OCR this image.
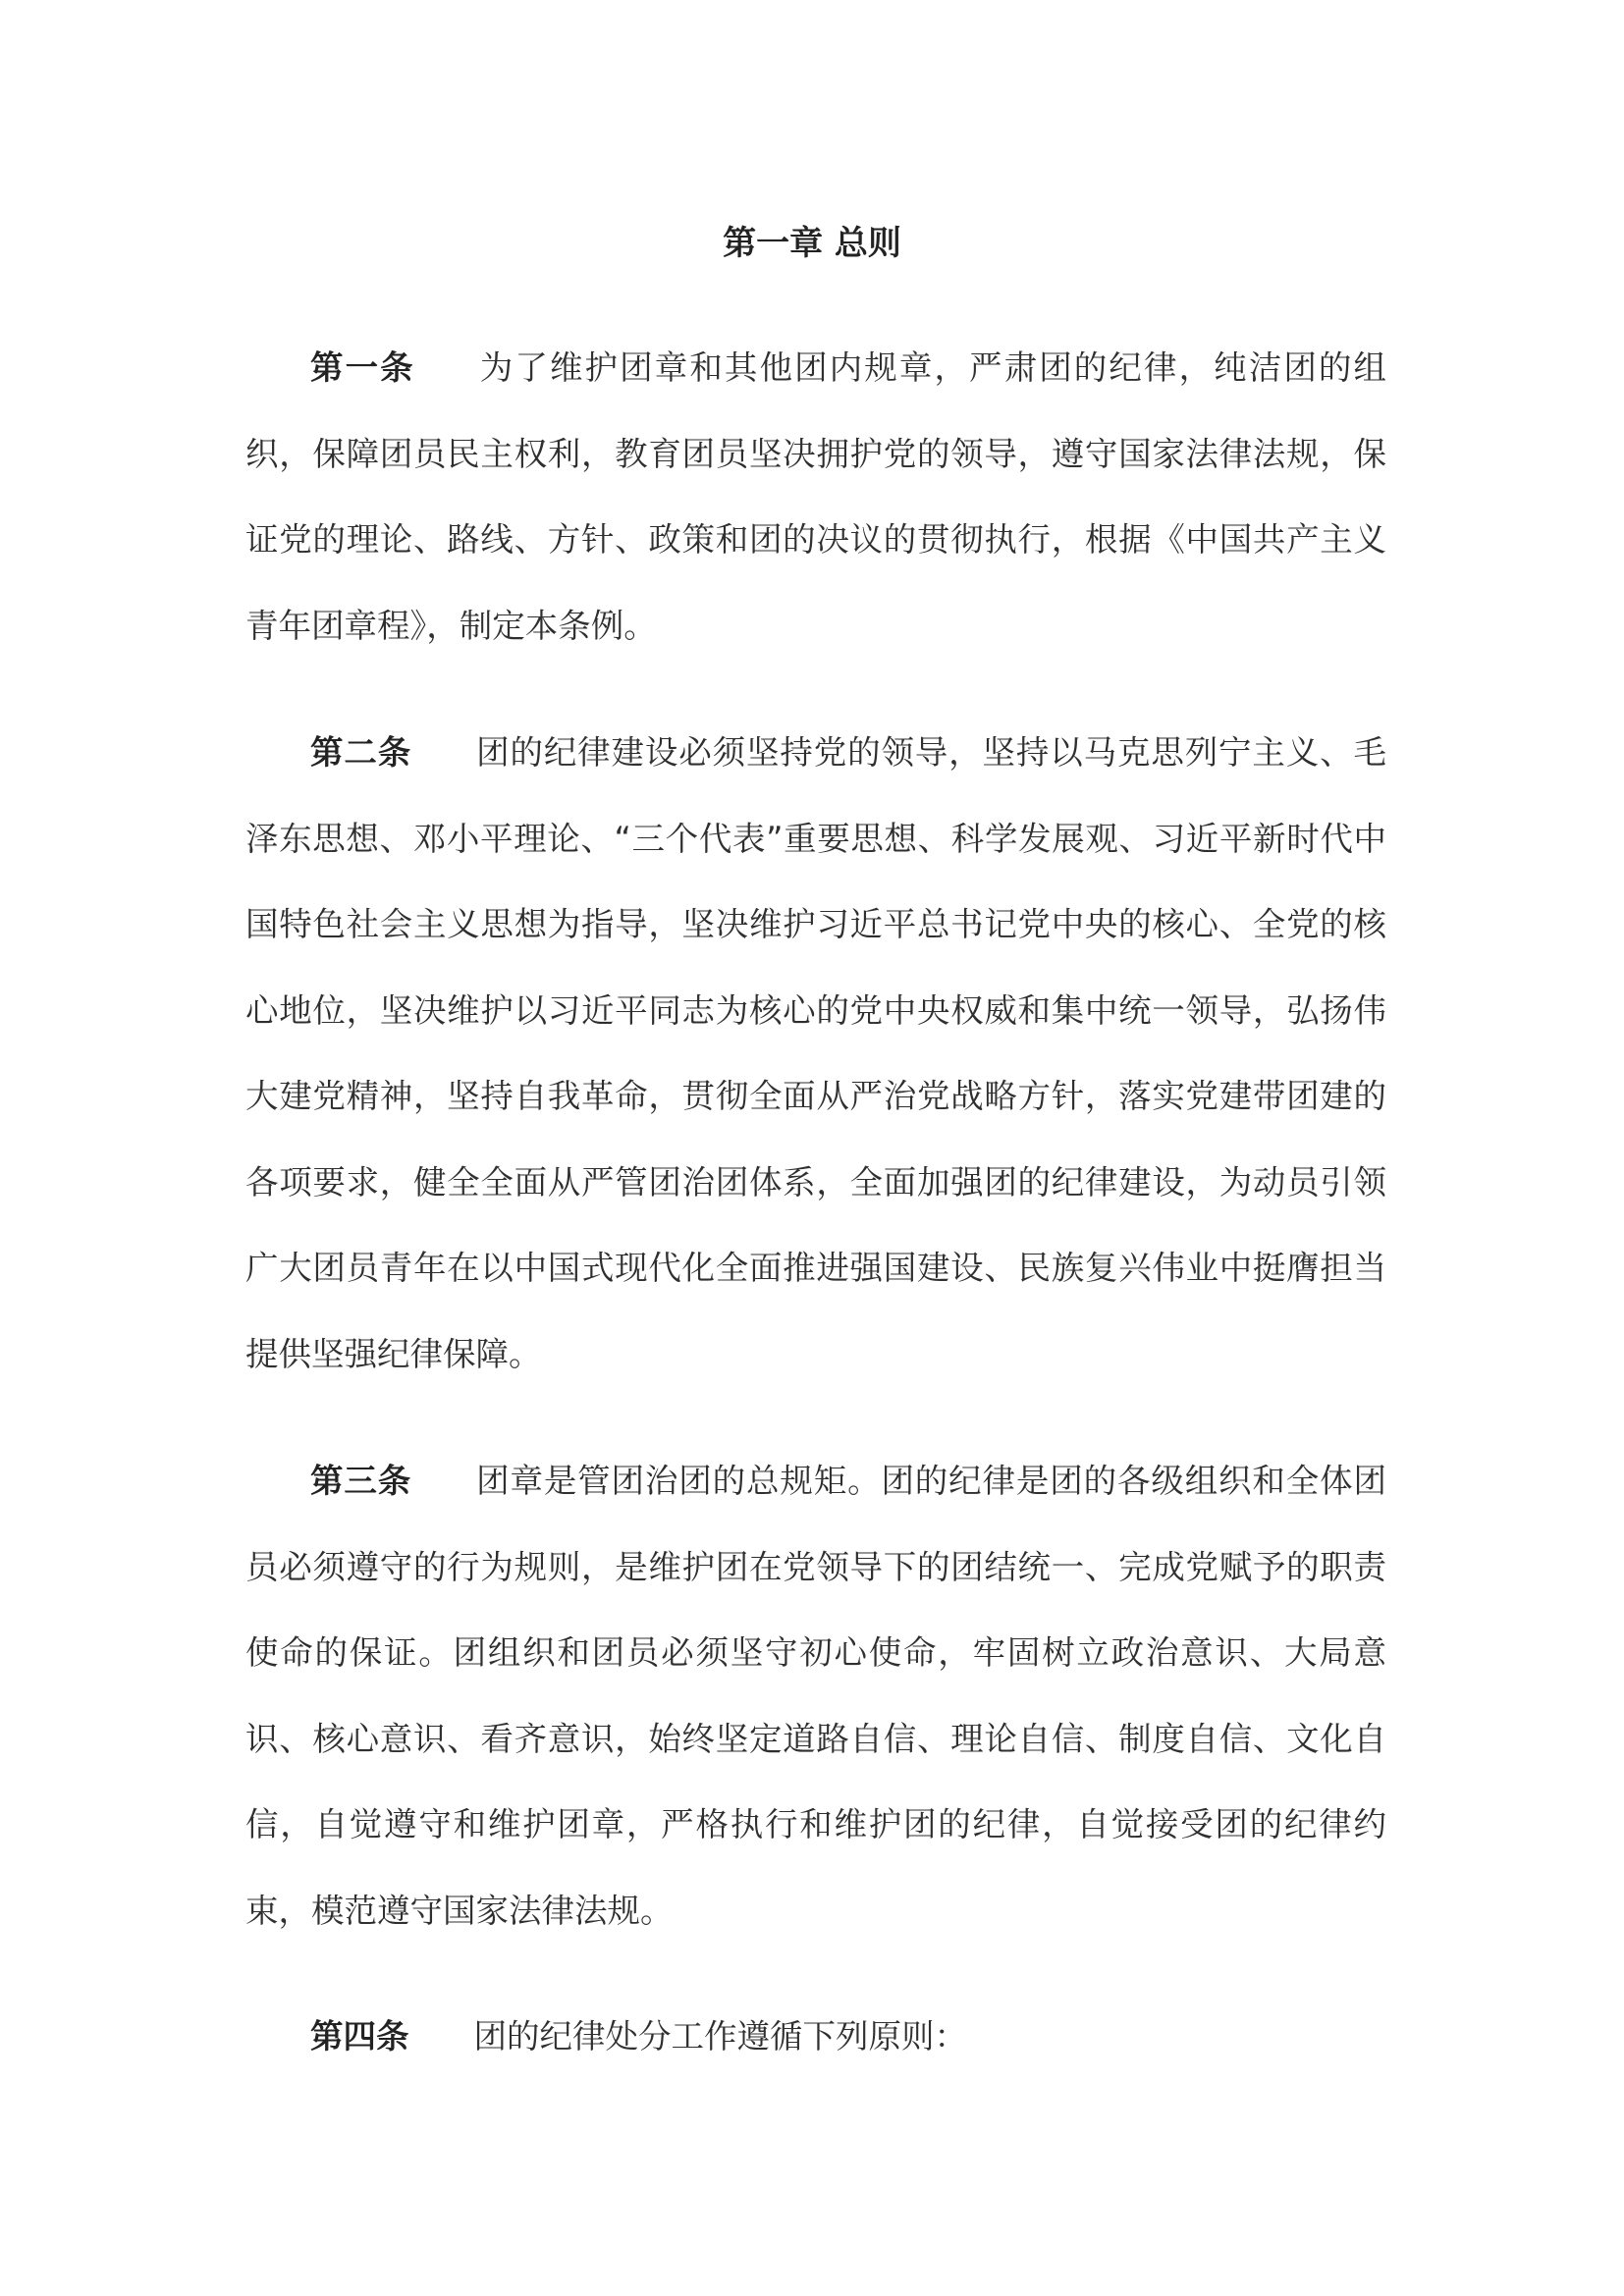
第一章 总则

第一条 为了维护团章和其他团内规章，严肃团的纪律，纯洁团的组织，保障团员民主权利，教育团员坚决拥护党的领导，遵守国家法律法规，保证党的理论、路线、方针、政策和团的决议的贯彻执行，根据《中国共产主义青年团章程》，制定本条例。

第二条 团的纪律建设必须坚持党的领导，坚持以马克思列宁主义、毛泽东思想、邓小平理论、“三个代表”重要思想、科学发展观、习近平新时代中国特色社会主义思想为指导，坚决维护习近平总书记党中央的核心、全党的核心地位，坚决维护以习近平同志为核心的党中央权威和集中统一领导，弘扬伟大建党精神，坚持自我革命，贯彻全面从严治党战略方针，落实党建带团建的各项要求，健全全面从严管团治团体系，全面加强团的纪律建设，为动员引领广大团员青年在以中国式现代化全面推进强国建设、民族复兴伟业中挺膺担当提供坚强纪律保障。

第三条 团章是管团治团的总规矩。团的纪律是团的各级组织和全体团员必须遵守的行为规则，是维护团在党领导下的团结统一、完成党赋予的职责使命的保证。团组织和团员必须坚守初心使命，牢固树立政治意识、大局意识、核心意识、看齐意识，始终坚定道路自信、理论自信、制度自信、文化自信，自觉遵守和维护团章，严格执行和维护团的纪律，自觉接受团的纪律约束，模范遵守国家法律法规。

第四条 团的纪律处分工作遵循下列原则：
